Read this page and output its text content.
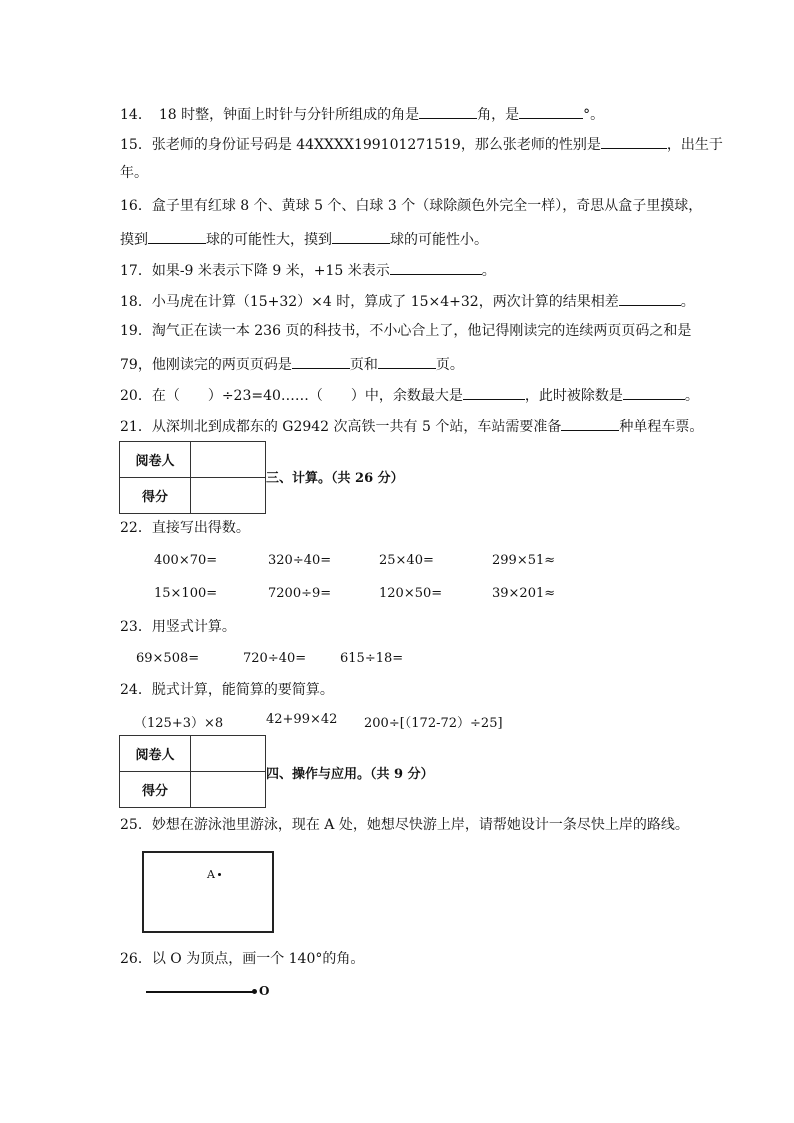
14．　18 时整，钟面上时针与分针所组成的角是	角，是	°。
15．张老师的身份证号码是 44XXXX199101271519，那么张老师的性别是	，出生于
年。
16．盒子里有红球 8 个、黄球 5 个、白球 3 个（球除颜色外完全一样），奇思从盒子里摸球，
摸到	球的可能性大，摸到	球的可能性小。
17．如果-9 米表示下降 9 米，+15 米表示	。
18．小马虎在计算（15+32）×4 时，算成了 15×4+32，两次计算的结果相差	。
19．淘气正在读一本 236 页的科技书，不小心合上了，他记得刚读完的连续两页页码之和是
79，他刚读完的两页页码是	页和	页。
20．在（　　）÷23=40……（　　）中，余数最大是	，此时被除数是	。
21．从深圳北到成都东的 G2942 次高铁一共有 5 个站，车站需要准备	种单程车票。
阅卷人	
得分	
三、计算。（共 26 分）
22．直接写出得数。
400×70=	320÷40=	25×40=	299×51≈
15×100=	7200÷9=	120×50=	39×201≈
23．用竖式计算。
69×508=	720÷40=	615÷18=
24．脱式计算，能简算的要简算。
（125+3）×8	42+99×42 200÷[（172-72）÷25]
阅卷人	
得分	
四、操作与应用。（共 9 分）
25．妙想在游泳池里游泳，现在 A 处，她想尽快游上岸，请帮她设计一条尽快上岸的路线。
A
26．以 O 为顶点，画一个 140°的角。
O
